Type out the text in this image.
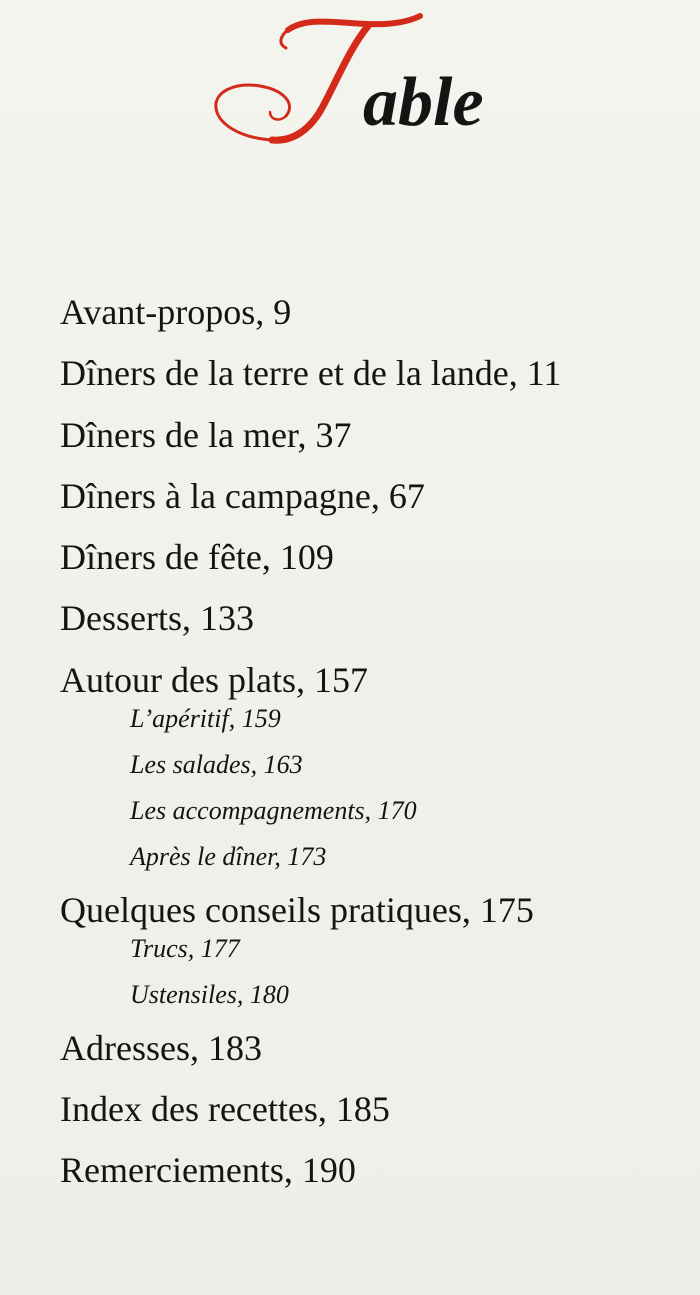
T
able
Avant-propos, 9
Dîners de la terre et de la lande, 11
Dîners de la mer, 37
Dîners à la campagne, 67
Dîners de fête, 109
Desserts, 133
Autour des plats, 157
L’apéritif, 159
Les salades, 163
Les accompagnements, 170
Après le dîner, 173
Quelques conseils pratiques, 175
Trucs, 177
Ustensiles, 180
Adresses, 183
Index des recettes, 185
Remerciements, 190
